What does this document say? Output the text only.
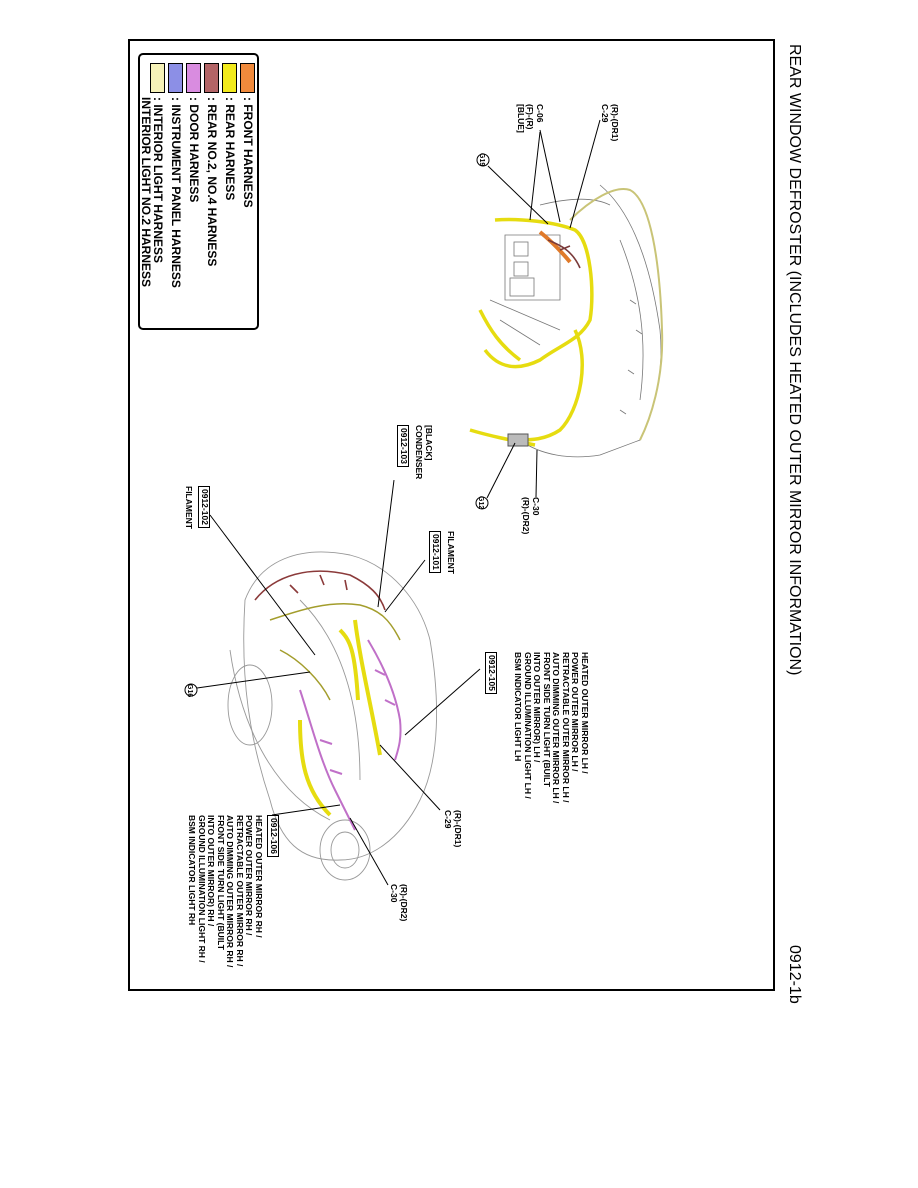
REAR WINDOW DEFROSTER (INCLUDES HEATED OUTER MIRROR INFORMATION)
0912-1b
: FRONT HARNESS
: REAR HARNESS
: REAR NO.2, NO.4 HARNESS
: DOOR HARNESS
: INSTRUMENT PANEL HARNESS
: INTERIOR LIGHT HARNESS
INTERIOR LIGHT NO.2 HARNESS	(R)-(DR1)
C-29
C-06
(F)-(R)
[BLUE]
G19
G12	C-30
(R)-(DR2)
[BLACK]
CONDENSER
0912-103
0912-102
FILAMENT
FILAMENT
0912-101
HEATED OUTER MIRROR LH /
POWER OUTER MIRROR LH /
RETRACTABLE OUTER MIRROR LH /
AUTO DIMMING OUTER MIRROR LH /
FRONT SIDE TURN LIGHT (BUILT
INTO OUTER MIRROR) LH /
GROUND ILLUMINATION LIGHT LH /
BSM INDICATOR LIGHT LH
0912-105
G16
(R)-(DR1)
C-29
0912-106
HEATED OUTER MIRROR RH /
POWER OUTER MIRROR RH /
RETRACTABLE OUTER MIRROR RH /
AUTO DIMMING OUTER MIRROR RH /
FRONT SIDE TURN LIGHT (BUILT
INTO OUTER MIRROR) RH /
GROUND ILLUMINATION LIGHT RH /
BSM INDICATOR LIGHT RH	(R)-(DR2)
C-30
